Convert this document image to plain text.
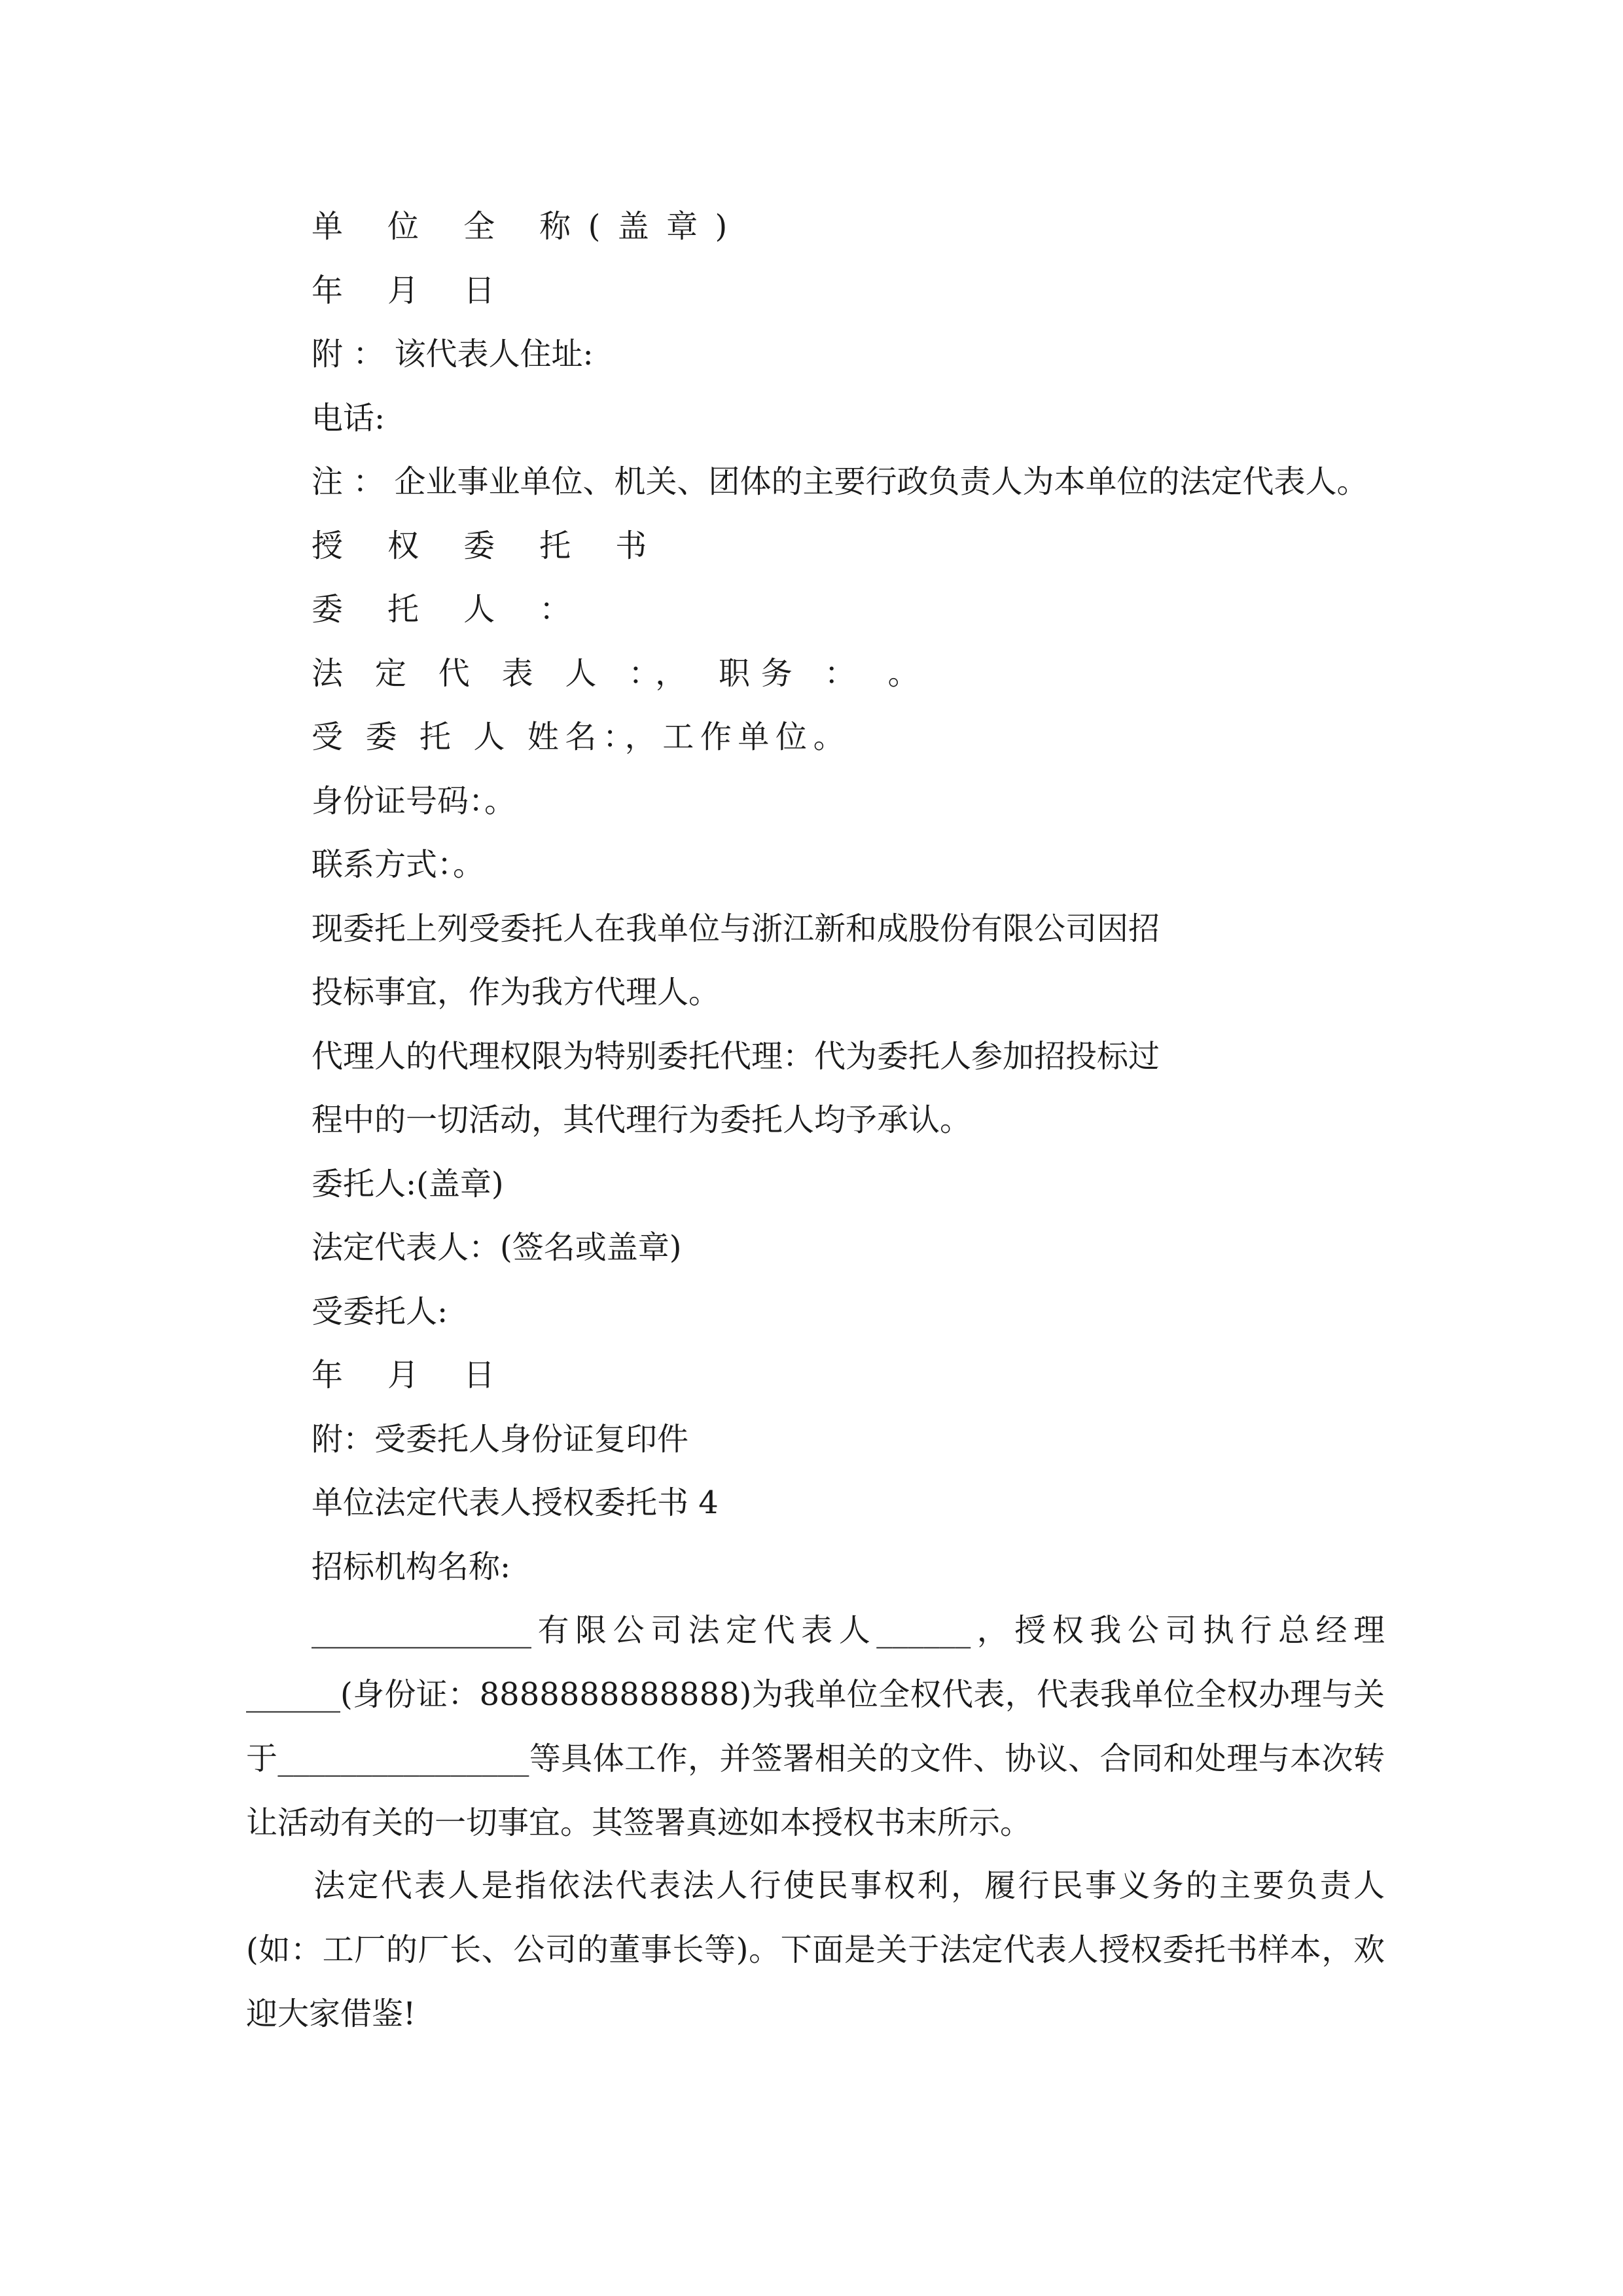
单 位 全 称(盖章)
年 月 日
附 ： 该代表人住址:
电话:
注 ： 企业事业单位、机关、团体的主要行政负责人为本单位的法定代表人。
授 权 委 托 书
委 托 人 ：
法 定 代 表 人 ：， 职务 ： 。
受 委 托 人 姓名：，工作单位。
身份证号码：。
联系方式：。
现委托上列受委托人在我单位与浙江新和成股份有限公司因招
投标事宜，作为我方代理人。
代理人的代理权限为特别委托代理：代为委托人参加招投标过
程中的一切活动，其代理行为委托人均予承认。
委托人:(盖章)
法定代表人：(签名或盖章)
受委托人:
年 月 日
附：受委托人身份证复印件
单位法定代表人授权委托书 4
招标机构名称:
______________有限公司法定代表人______，授权我公司执行总经理______(身份证：8888888888888)为我单位全权代表，代表我单位全权办理与关于________________等具体工作，并签署相关的文件、协议、合同和处理与本次转让活动有关的一切事宜。其签署真迹如本授权书末所示。
法定代表人是指依法代表法人行使民事权利，履行民事义务的主要负责人(如：工厂的厂长、公司的董事长等)。下面是关于法定代表人授权委托书样本，欢迎大家借鉴!
